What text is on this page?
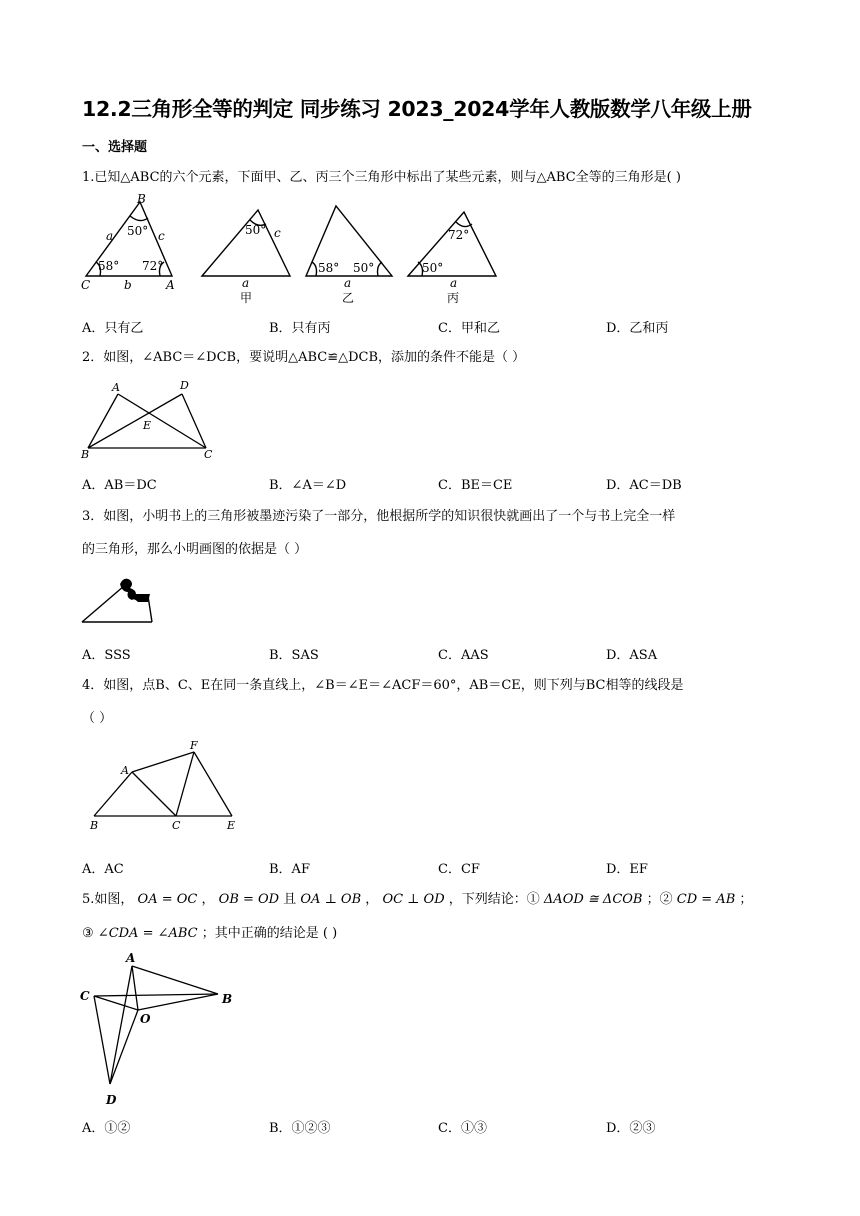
12.2三角形全等的判定 同步练习 2023_2024学年人教版数学八年级上册
一、选择题
1.已知△ABC的六个元素，下面甲、乙、丙三个三角形中标出了某些元素，则与△ABC全等的三角形是( )
B
C	A
a
b
c
50°
58° 72°
50° c
a
甲
58° 50°
a
乙
72°
50°
a
丙
A．只有乙	B．只有丙	C．甲和乙	D．乙和丙
2．如图，∠ABC＝∠DCB，要说明△ABC≌△DCB，添加的条件不能是（ ）
A	D
E
B	C
A．AB＝DC	B．∠A＝∠D	C．BE＝CE	D．AC＝DB
3．如图，小明书上的三角形被墨迹污染了一部分，他根据所学的知识很快就画出了一个与书上完全一样
的三角形，那么小明画图的依据是（ ）
A．SSS	B．SAS	C．AAS	D．ASA
4．如图，点B、C、E在同一条直线上，∠B＝∠E＝∠ACF＝60°，AB＝CE，则下列与BC相等的线段是
（ ）
A
F
B	C	E
A．AC	B．AF	C．CF	D．EF
5.如图， OA = OC ， OB = OD 且 OA ⊥ OB ， OC ⊥ OD ，下列结论：① ΔAOD ≅ ΔCOB ；② CD = AB ；
③ ∠CDA = ∠ABC ；其中正确的结论是 ( )
A
C	B
O
D
A．①②	B．①②③	C．①③	D．②③
